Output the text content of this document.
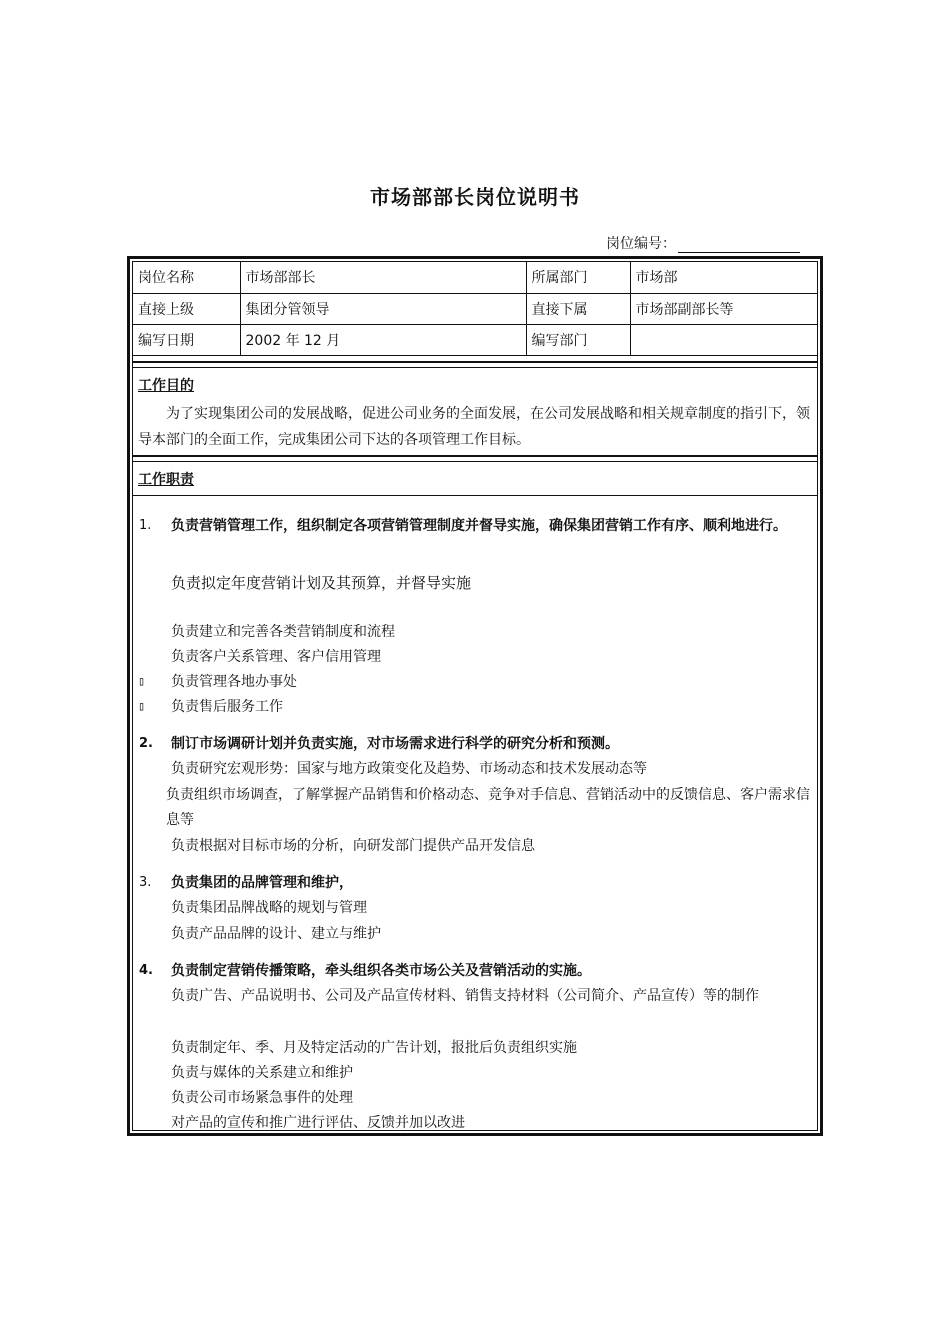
市场部部长岗位说明书
岗位编号：
岗位名称	市场部部长	所属部门	市场部
直接上级	集团分管领导	直接下属	市场部副部长等
编写日期	2002 年 12 月	编写部门	
工作目的
为了实现集团公司的发展战略，促进公司业务的全面发展，在公司发展战略和相关规章制度的指引下，领导本部门的全面工作，完成集团公司下达的各项管理工作目标。
工作职责
1. 负责营销管理工作，组织制定各项营销管理制度并督导实施，确保集团营销工作有序、顺利地进行。
负责拟定年度营销计划及其预算，并督导实施
负责建立和完善各类营销制度和流程
负责客户关系管理、客户信用管理
▯ 负责管理各地办事处
▯ 负责售后服务工作
2. 制订市场调研计划并负责实施，对市场需求进行科学的研究分析和预测。
负责研究宏观形势：国家与地方政策变化及趋势、市场动态和技术发展动态等
负责组织市场调查，了解掌握产品销售和价格动态、竞争对手信息、营销活动中的反馈信息、客户需求信息等
负责根据对目标市场的分析，向研发部门提供产品开发信息
3. 负责集团的品牌管理和维护，
负责集团品牌战略的规划与管理
负责产品品牌的设计、建立与维护
4. 负责制定营销传播策略，牵头组织各类市场公关及营销活动的实施。
负责广告、产品说明书、公司及产品宣传材料、销售支持材料（公司简介、产品宣传）等的制作
负责制定年、季、月及特定活动的广告计划，报批后负责组织实施
负责与媒体的关系建立和维护
负责公司市场紧急事件的处理
对产品的宣传和推广进行评估、反馈并加以改进
